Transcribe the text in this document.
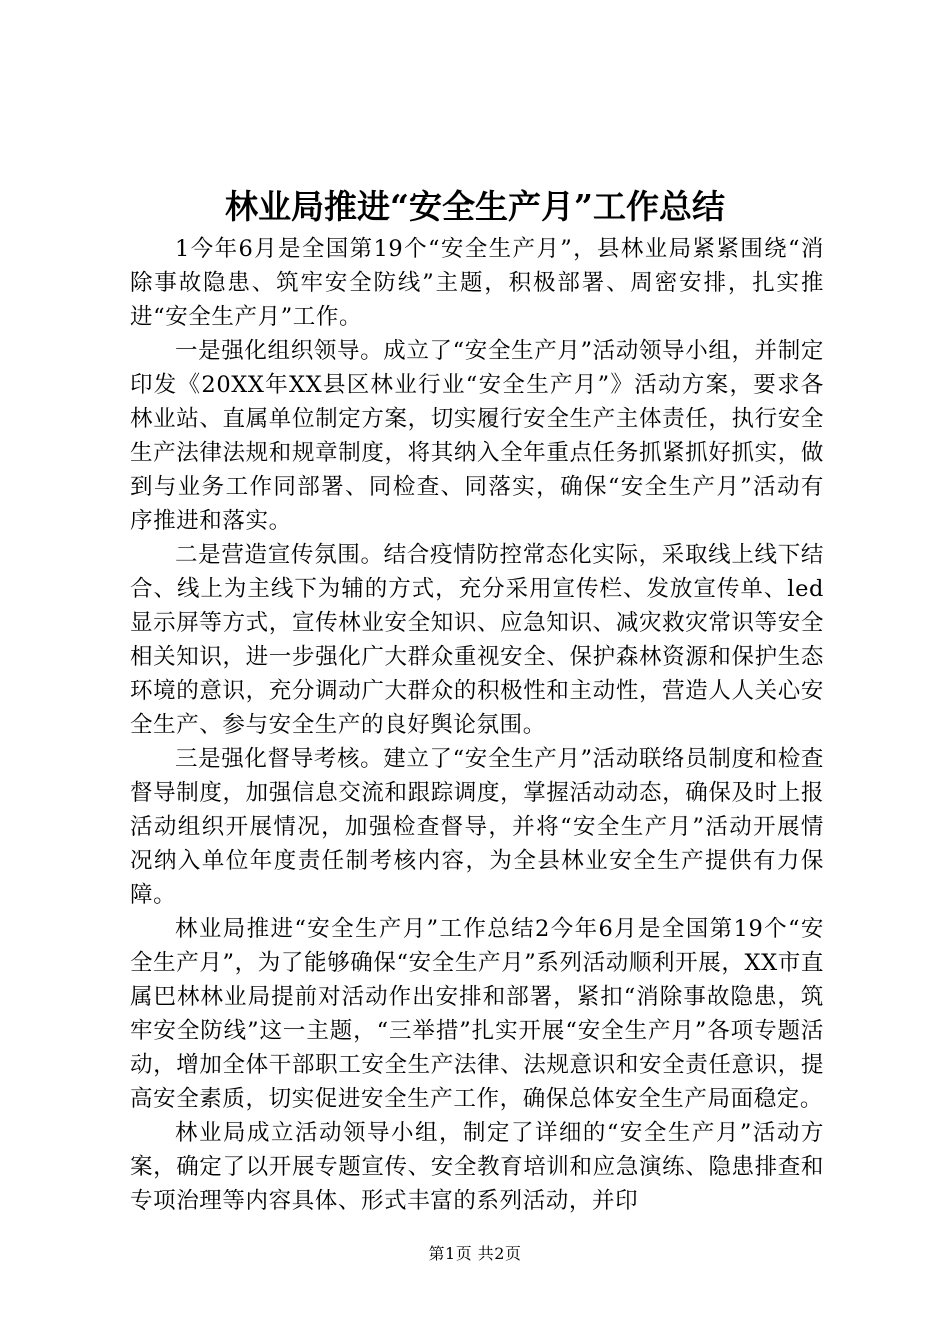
林业局推进“安全生产月”工作总结

1今年6月是全国第19个“安全生产月”，县林业局紧紧围绕“消除事故隐患、筑牢安全防线”主题，积极部署、周密安排，扎实推进“安全生产月”工作。

一是强化组织领导。成立了“安全生产月”活动领导小组，并制定印发《20XX年XX县区林业行业“安全生产月”》活动方案，要求各林业站、直属单位制定方案，切实履行安全生产主体责任，执行安全生产法律法规和规章制度，将其纳入全年重点任务抓紧抓好抓实，做到与业务工作同部署、同检查、同落实，确保“安全生产月”活动有序推进和落实。

二是营造宣传氛围。结合疫情防控常态化实际，采取线上线下结合、线上为主线下为辅的方式，充分采用宣传栏、发放宣传单、led显示屏等方式，宣传林业安全知识、应急知识、减灾救灾常识等安全相关知识，进一步强化广大群众重视安全、保护森林资源和保护生态环境的意识，充分调动广大群众的积极性和主动性，营造人人关心安全生产、参与安全生产的良好舆论氛围。

三是强化督导考核。建立了“安全生产月”活动联络员制度和检查督导制度，加强信息交流和跟踪调度，掌握活动动态，确保及时上报活动组织开展情况，加强检查督导，并将“安全生产月”活动开展情况纳入单位年度责任制考核内容，为全县林业安全生产提供有力保障。

林业局推进“安全生产月”工作总结2今年6月是全国第19个“安全生产月”，为了能够确保“安全生产月”系列活动顺利开展，XX市直属巴林林业局提前对活动作出安排和部署，紧扣“消除事故隐患，筑牢安全防线”这一主题，“三举措”扎实开展“安全生产月”各项专题活动，增加全体干部职工安全生产法律、法规意识和安全责任意识，提高安全素质，切实促进安全生产工作，确保总体安全生产局面稳定。

林业局成立活动领导小组，制定了详细的“安全生产月”活动方案，确定了以开展专题宣传、安全教育培训和应急演练、隐患排查和专项治理等内容具体、形式丰富的系列活动，并印

第1页 共2页
